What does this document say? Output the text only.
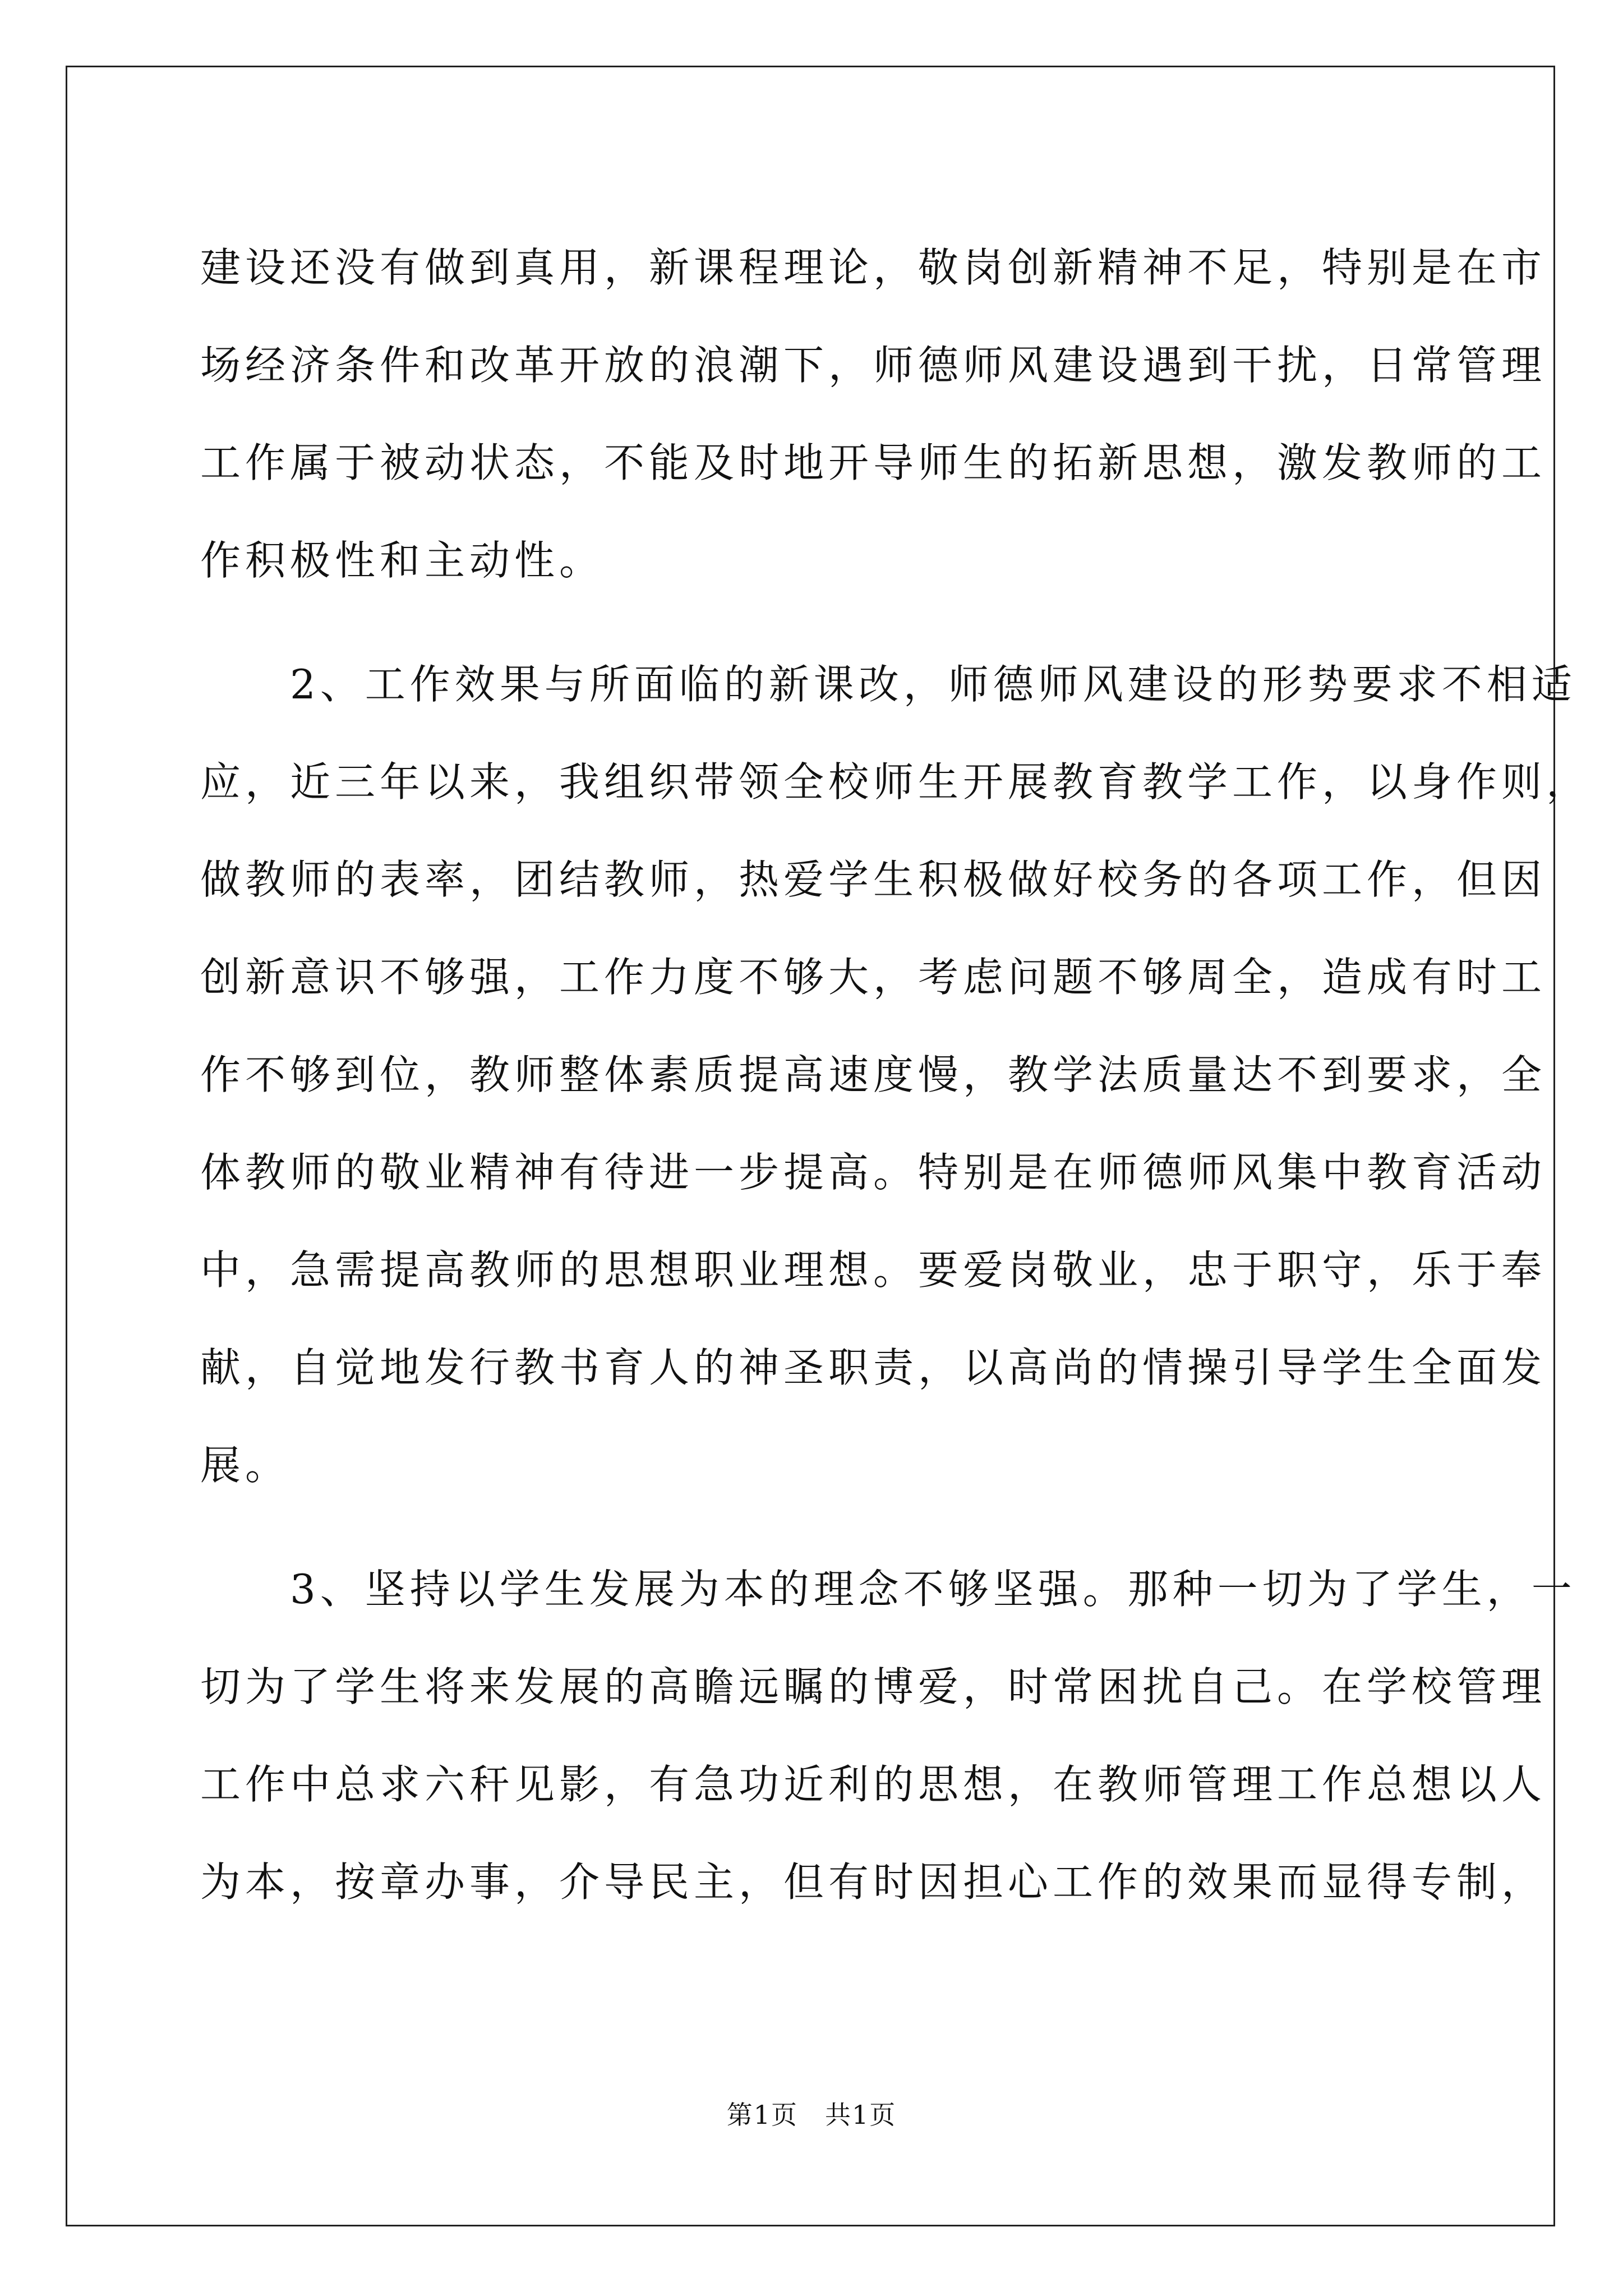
建设还没有做到真用，新课程理论，敬岗创新精神不足，特别是在市
场经济条件和改革开放的浪潮下，师德师风建设遇到干扰，日常管理
工作属于被动状态，不能及时地开导师生的拓新思想，激发教师的工
作积极性和主动性。
　　2、工作效果与所面临的新课改，师德师风建设的形势要求不相适
应，近三年以来，我组织带领全校师生开展教育教学工作，以身作则，
做教师的表率，团结教师，热爱学生积极做好校务的各项工作，但因
创新意识不够强，工作力度不够大，考虑问题不够周全，造成有时工
作不够到位，教师整体素质提高速度慢，教学法质量达不到要求，全
体教师的敬业精神有待进一步提高。特别是在师德师风集中教育活动
中，急需提高教师的思想职业理想。要爱岗敬业，忠于职守，乐于奉
献，自觉地发行教书育人的神圣职责，以高尚的情操引导学生全面发
展。
　　3、坚持以学生发展为本的理念不够坚强。那种一切为了学生，一
切为了学生将来发展的高瞻远瞩的博爱，时常困扰自己。在学校管理
工作中总求六秆见影，有急功近利的思想，在教师管理工作总想以人
为本，按章办事，介导民主，但有时因担心工作的效果而显得专制，
第1页 共1页
